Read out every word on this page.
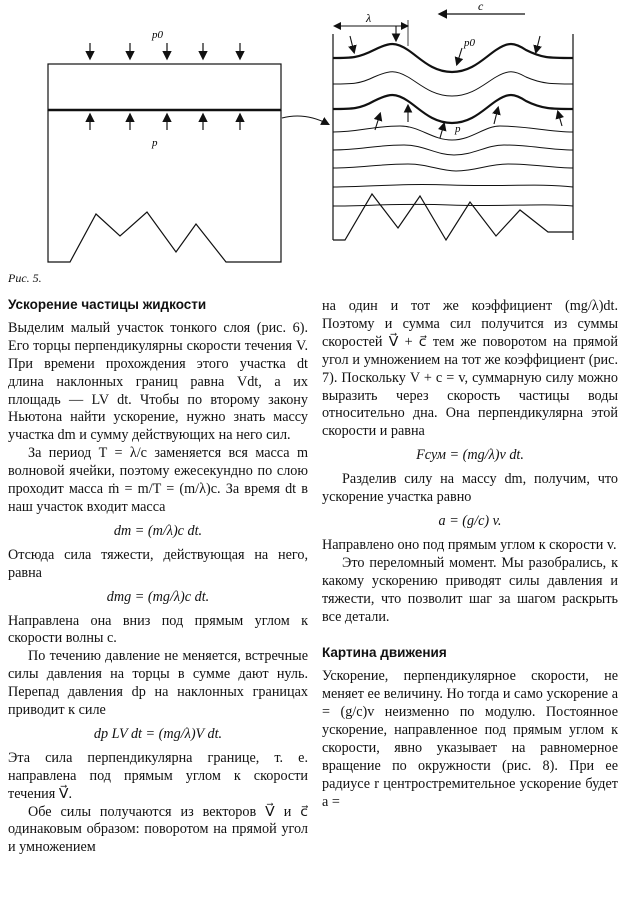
p0
p
λ
c
p0
p
Рис. 5.
Ускорение частицы жидкости

Выделим малый участок тонкого слоя (рис. 6). Его торцы перпендикулярны скорости течения V. При времени прохождения этого участка dt длина наклонных границ равна Vdt, а их площадь — LV dt. Чтобы по второму закону Ньютона найти ускорение, нужно знать массу участка dm и сумму действующих на него сил.

За период T = λ/c заменяется вся масса m волновой ячейки, поэтому ежесекундно по слою проходит масса ṁ = m/T = (m/λ)c. За время dt в наш участок входит масса

dm = (m/λ)c dt.

Отсюда сила тяжести, действующая на него, равна

dmg = (mg/λ)c dt.

Направлена она вниз под прямым углом к скорости волны c.

По течению давление не меняется, встречные силы давления на торцы в сумме дают нуль. Перепад давления dp на наклонных границах приводит к силе

dp LV dt = (mg/λ)V dt.

Эта сила перпендикулярна границе, т. е. направлена под прямым углом к скорости течения V⃗.

Обе силы получаются из векторов V⃗ и c⃗ одинаковым образом: поворотом на прямой угол и умножением

на один и тот же коэффициент (mg/λ)dt. Поэтому и сумма сил получится из суммы скоростей V⃗ + c⃗ тем же поворотом на прямой угол и умножением на тот же коэффициент (рис. 7). Поскольку V + c = v, суммарную силу можно выразить через скорость частицы воды относительно дна. Она перпендикулярна этой скорости и равна

Fсум = (mg/λ)v dt.

Разделив силу на массу dm, получим, что ускорение участка равно

a = (g/c) v.

Направлено оно под прямым углом к скорости v.

Это переломный момент. Мы разобрались, к какому ускорению приводят силы давления и тяжести, что позволит шаг за шагом раскрыть все детали.

Картина движения

Ускорение, перпендикулярное скорости, не меняет ее величину. Но тогда и само ускорение a = (g/c)v неизменно по модулю. Постоянное ускорение, направленное под прямым углом к скорости, явно указывает на равномерное вращение по окружности (рис. 8). При ее радиусе r центростремительное ускорение будет a =
